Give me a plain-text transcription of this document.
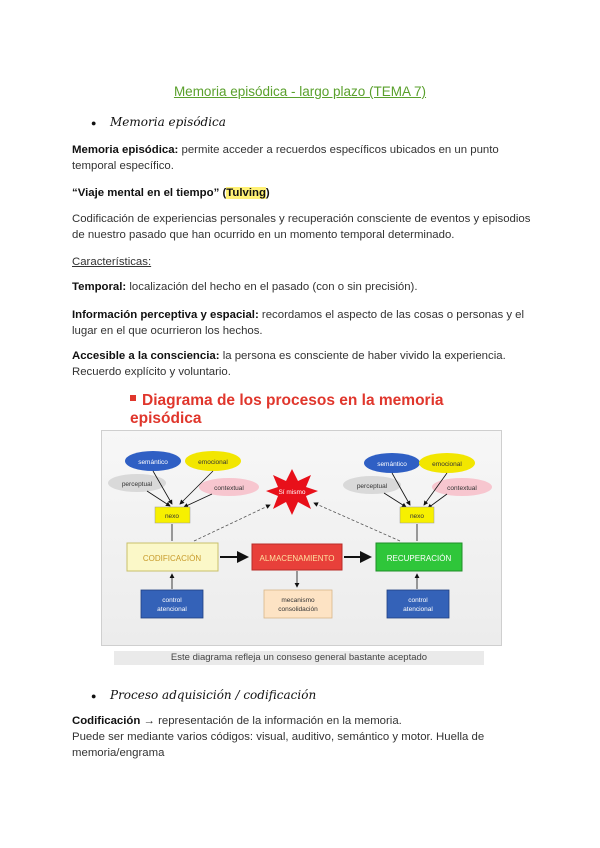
Memoria episódica - largo plazo (TEMA 7)
● Memoria episódica
Memoria episódica: permite acceder a recuerdos específicos ubicados en un punto temporal específico.
“Viaje mental en el tiempo” (Tulving)
Codificación de experiencias personales y recuperación consciente de eventos y episodios de nuestro pasado que han ocurrido en un momento temporal determinado.
Características:
Temporal: localización del hecho en el pasado (con o sin precisión).
Información perceptiva y espacial: recordamos el aspecto de las cosas o personas y el lugar en el que ocurrieron los hechos.
Accesible a la consciencia: la persona es consciente de haber vivido la experiencia. Recuerdo explícito y voluntario.
Diagrama de los procesos en la memoria episódica
semántico	emocional
perceptual
contextual
nexo
Sí mismo
semántico	emocional
perceptual	contextual
nexo
CODIFICACIÓN	ALMACENAMIENTO	RECUPERACIÓN
control
atencional
mecanismo
consolidación
control
atencional
Este diagrama refleja un conseso general bastante aceptado
● Proceso adquisición / codificación
Codificación → representación de la información en la memoria.
Puede ser mediante varios códigos: visual, auditivo, semántico y motor. Huella de memoria/engrama
